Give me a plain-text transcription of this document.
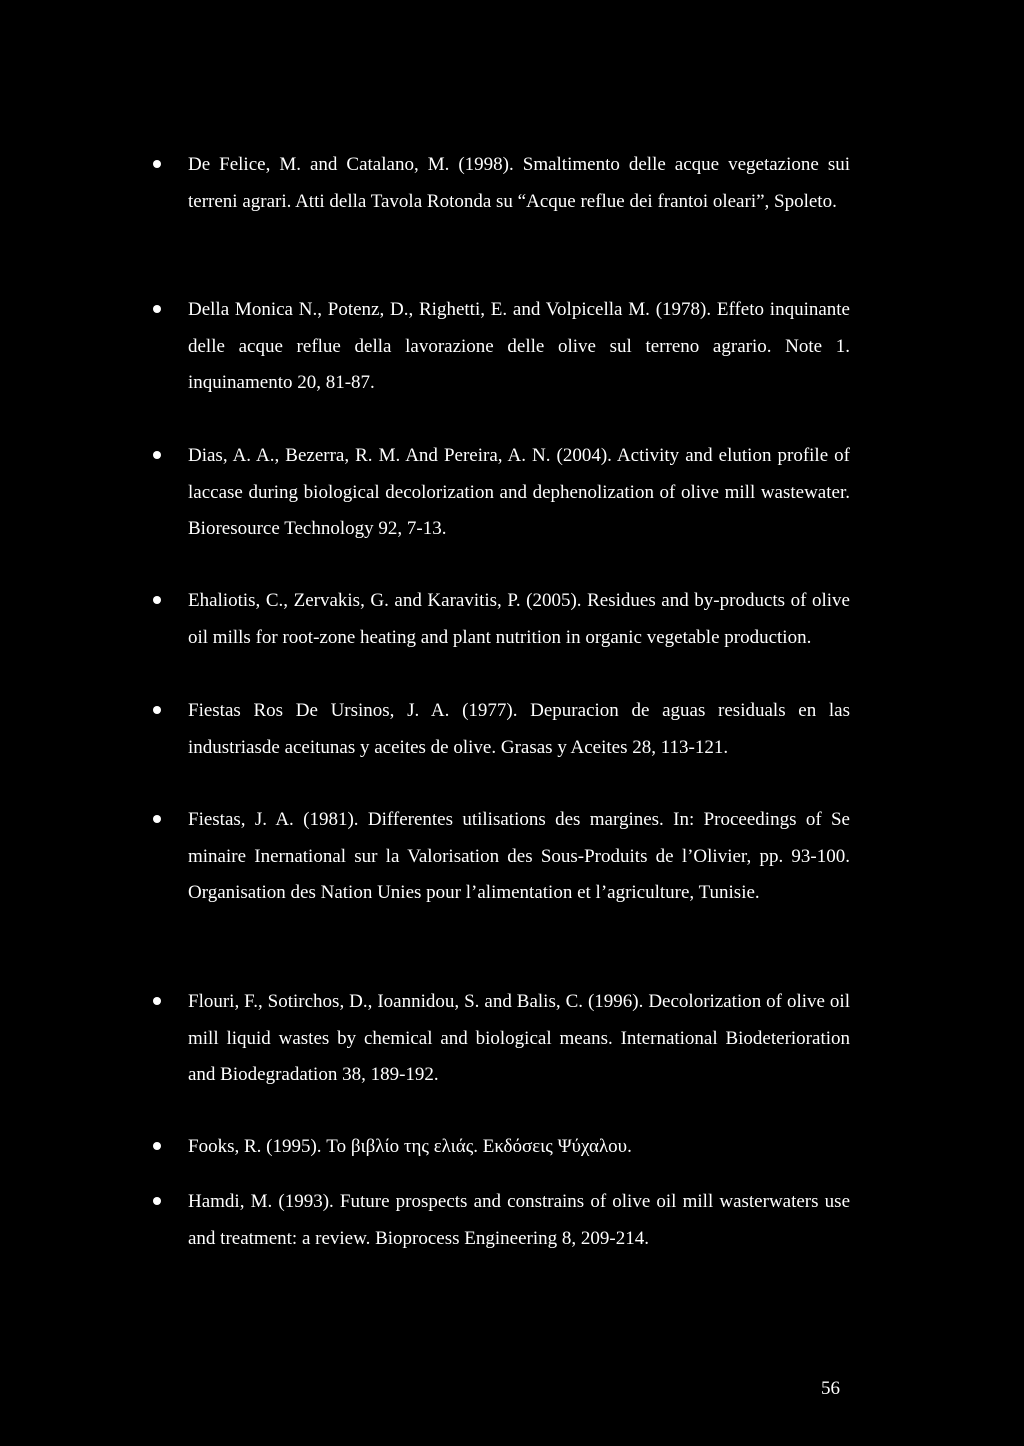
De Felice, M. and Catalano, M. (1998). Smaltimento delle acque vegetazione sui terreni agrari. Atti della Tavola Rotonda su “Acque reflue dei frantoi oleari”, Spoleto.
Della Monica N., Potenz, D., Righetti, E. and Volpicella M. (1978). Effeto inquinante delle acque reflue della lavorazione delle olive sul terreno agrario. Note 1. inquinamento 20, 81-87.
Dias, A. A., Bezerra, R. M. And Pereira, A. N. (2004). Activity and elution profile of laccase during biological decolorization and dephenolization of olive mill wastewater. Bioresource Technology 92, 7-13.
Ehaliotis, C., Zervakis, G. and Karavitis, P. (2005). Residues and by-products of olive oil mills for root-zone heating and plant nutrition in organic vegetable production.
Fiestas Ros De Ursinos, J. A. (1977). Depuracion de aguas residuals en las industriasde aceitunas y aceites de olive. Grasas y Aceites 28, 113-121.
Fiestas, J. A. (1981). Differentes utilisations des margines. In: Proceedings of Se minaire Inernational sur la Valorisation des Sous-Produits de l’Olivier, pp. 93-100. Organisation des Nation Unies pour l’alimentation et l’agriculture, Tunisie.
Flouri, F., Sotirchos, D., Ioannidou, S. and Balis, C. (1996). Decolorization of olive oil mill liquid wastes by chemical and biological means. International Biodeterioration and Biodegradation 38, 189-192.
Fooks, R. (1995). Το βιβλίο της ελιάς. Εκδόσεις Ψύχαλου.
Hamdi, M. (1993). Future prospects and constrains of olive oil mill wasterwaters use and treatment: a review. Bioprocess Engineering 8, 209-214.
56
